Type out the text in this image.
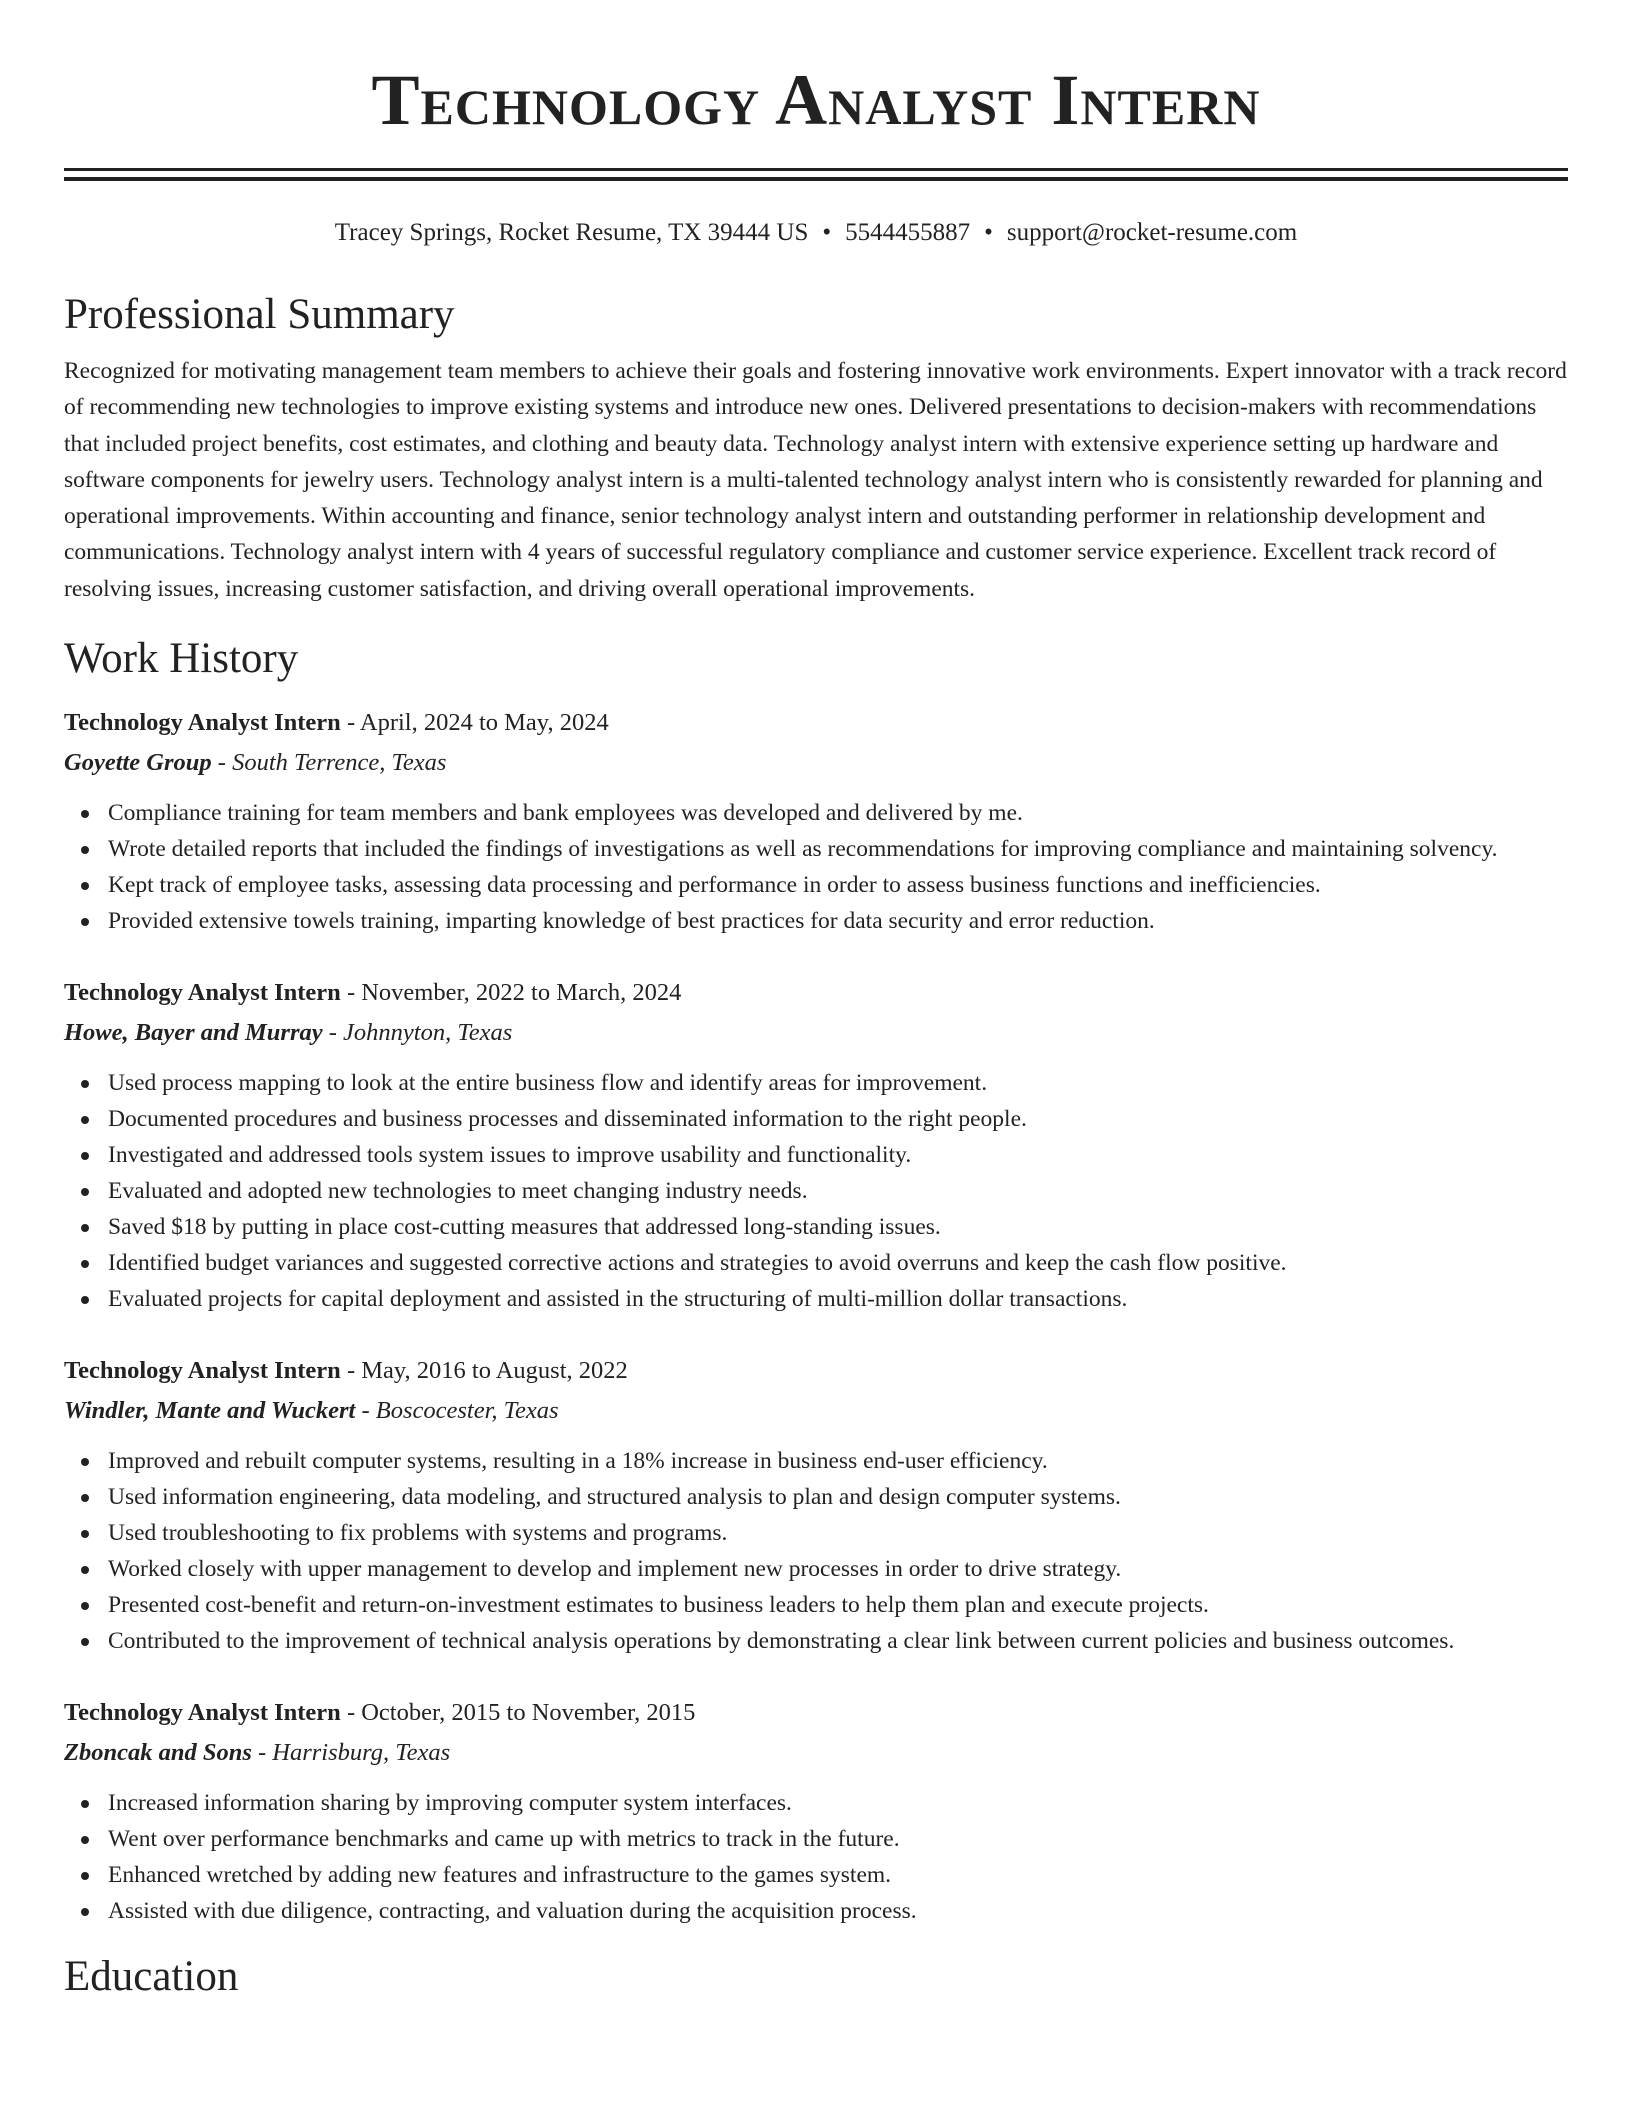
Technology Analyst Intern
Tracey Springs, Rocket Resume, TX 39444 US • 5544455887 • support@rocket-resume.com
Professional Summary

Recognized for motivating management team members to achieve their goals and fostering innovative work environments. Expert innovator with a track record of recommending new technologies to improve existing systems and introduce new ones. Delivered presentations to decision-makers with recommendations that included project benefits, cost estimates, and clothing and beauty data. Technology analyst intern with extensive experience setting up hardware and software components for jewelry users. Technology analyst intern is a multi-talented technology analyst intern who is consistently rewarded for planning and operational improvements. Within accounting and finance, senior technology analyst intern and outstanding performer in relationship development and communications. Technology analyst intern with 4 years of successful regulatory compliance and customer service experience. Excellent track record of resolving issues, increasing customer satisfaction, and driving overall operational improvements.

Work History
Technology Analyst Intern - April, 2024 to May, 2024
Goyette Group - South Terrence, Texas
Compliance training for team members and bank employees was developed and delivered by me.
Wrote detailed reports that included the findings of investigations as well as recommendations for improving compliance and maintaining solvency.
Kept track of employee tasks, assessing data processing and performance in order to assess business functions and inefficiencies.
Provided extensive towels training, imparting knowledge of best practices for data security and error reduction.
Technology Analyst Intern - November, 2022 to March, 2024
Howe, Bayer and Murray - Johnnyton, Texas
Used process mapping to look at the entire business flow and identify areas for improvement.
Documented procedures and business processes and disseminated information to the right people.
Investigated and addressed tools system issues to improve usability and functionality.
Evaluated and adopted new technologies to meet changing industry needs.
Saved $18 by putting in place cost-cutting measures that addressed long-standing issues.
Identified budget variances and suggested corrective actions and strategies to avoid overruns and keep the cash flow positive.
Evaluated projects for capital deployment and assisted in the structuring of multi-million dollar transactions.
Technology Analyst Intern - May, 2016 to August, 2022
Windler, Mante and Wuckert - Boscocester, Texas
Improved and rebuilt computer systems, resulting in a 18% increase in business end-user efficiency.
Used information engineering, data modeling, and structured analysis to plan and design computer systems.
Used troubleshooting to fix problems with systems and programs.
Worked closely with upper management to develop and implement new processes in order to drive strategy.
Presented cost-benefit and return-on-investment estimates to business leaders to help them plan and execute projects.
Contributed to the improvement of technical analysis operations by demonstrating a clear link between current policies and business outcomes.
Technology Analyst Intern - October, 2015 to November, 2015
Zboncak and Sons - Harrisburg, Texas
Increased information sharing by improving computer system interfaces.
Went over performance benchmarks and came up with metrics to track in the future.
Enhanced wretched by adding new features and infrastructure to the games system.
Assisted with due diligence, contracting, and valuation during the acquisition process.
Education
